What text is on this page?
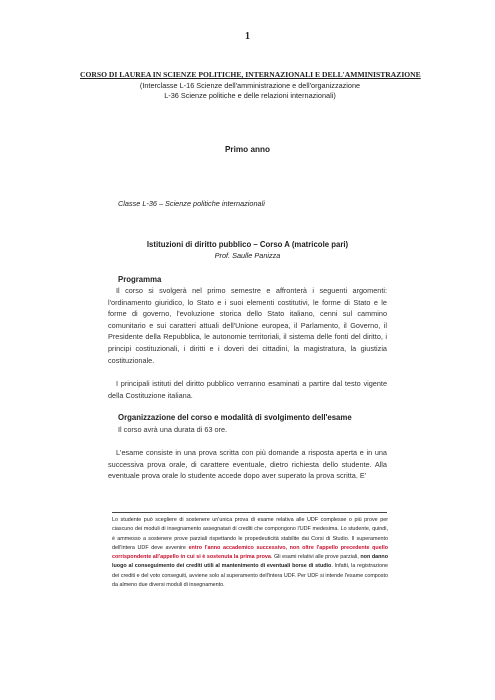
1
CORSO DI LAUREA IN SCIENZE POLITICHE, INTERNAZIONALI E DELL'AMMINISTRAZIONE
(Interclasse L-16 Scienze dell'amministrazione e dell'organizzazione
L-36 Scienze politiche e delle relazioni internazionali)
Primo anno
Classe L-36 – Scienze politiche internazionali
Istituzioni di diritto pubblico – Corso A (matricole pari)
Prof. Saulle Panizza
Programma
Il corso si svolgerà nel primo semestre e affronterà i seguenti argomenti: l'ordinamento giuridico, lo Stato e i suoi elementi costitutivi, le forme di Stato e le forme di governo, l'evoluzione storica dello Stato italiano, cenni sul cammino comunitario e sui caratteri attuali dell'Unione europea, il Parlamento, il Governo, il Presidente della Repubblica, le autonomie territoriali, il sistema delle fonti del diritto, i principi costituzionali, i diritti e i doveri dei cittadini, la magistratura, la giustizia costituzionale.
I principali istituti del diritto pubblico verranno esaminati a partire dal testo vigente della Costituzione italiana.
Organizzazione del corso e modalità di svolgimento dell'esame
Il corso avrà una durata di 63 ore.
L'esame consiste in una prova scritta con più domande a risposta aperta e in una successiva prova orale, di carattere eventuale, dietro richiesta dello studente. Alla eventuale prova orale lo studente accede dopo aver superato la prova scritta. E'
Lo studente può scegliere di sostenere un'unica prova di esame relativa alle UDF complesse o più prove per ciascuno dei moduli di insegnamento assegnatari di crediti che compongono l'UDF medesima. Lo studente, quindi, è ammesso a sostenere prove parziali rispettando le propedeuticità stabilite dai Corsi di Studio. Il superamento dell'intera UDF deve avvenire entro l'anno accademico successivo, non oltre l'appello precedente quello corrispondente all'appello in cui si è sostenuta la prima prova. Gli esami relativi alle prove parziali, non danno luogo al conseguimento dei crediti utili al mantenimento di eventuali borse di studio. Infatti, la registrazione dei crediti e del voto conseguiti, avviene solo al superamento dell'intera UDF. Per UDF si intende l'esame composto da almeno due diversi moduli di insegnamento.
